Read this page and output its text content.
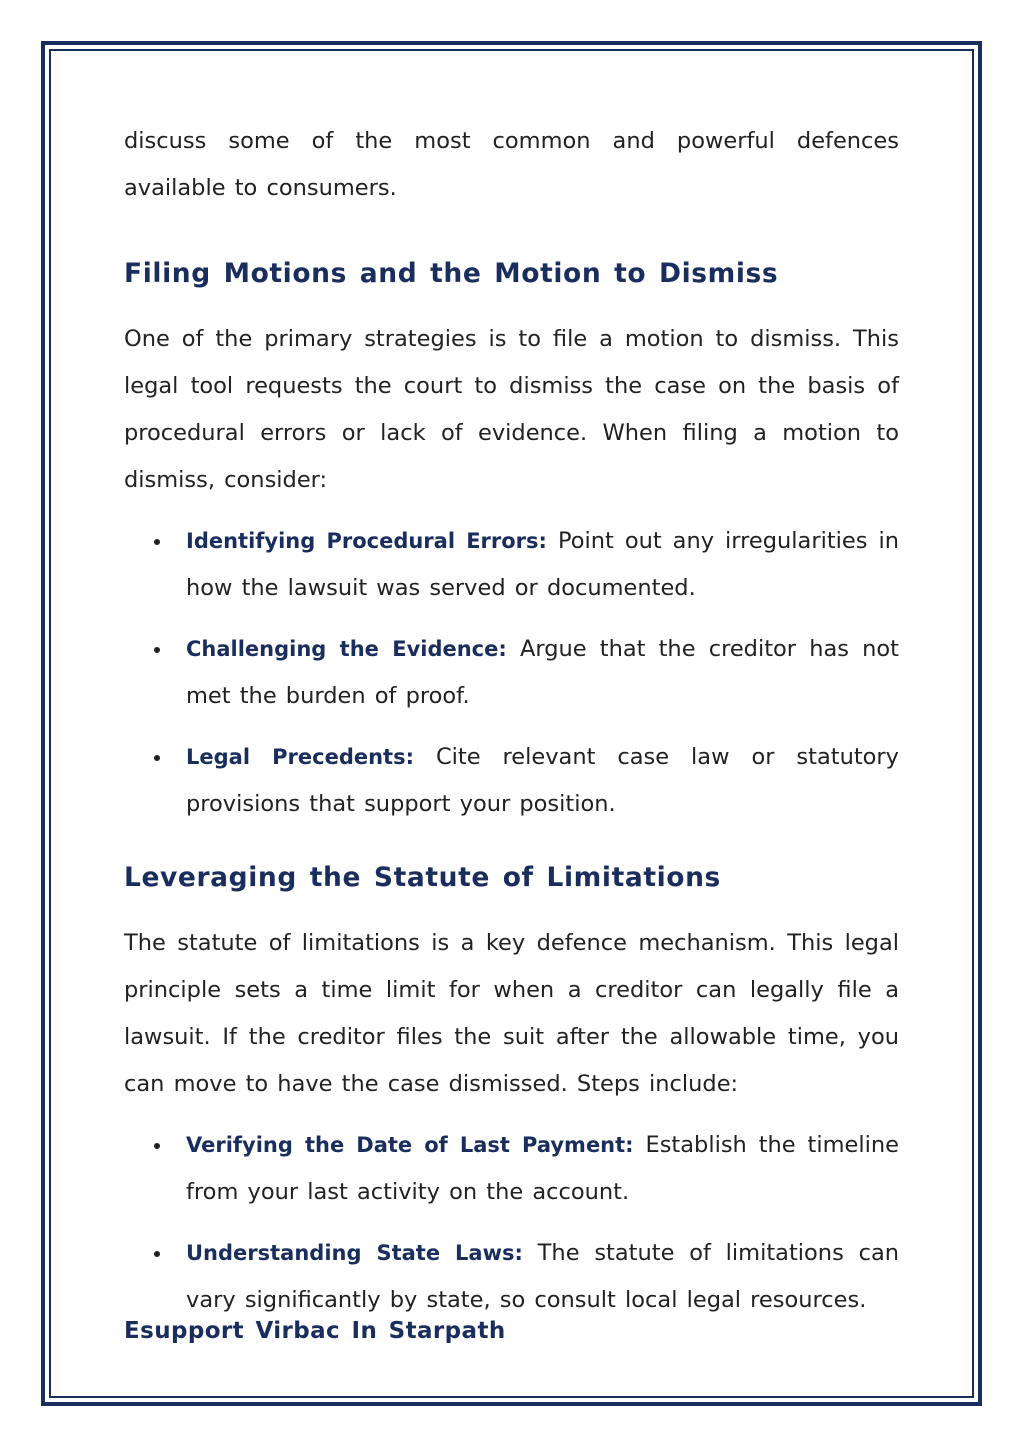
discuss some of the most common and powerful defences available to consumers.

Filing Motions and the Motion to Dismiss

One of the primary strategies is to file a motion to dismiss. This legal tool requests the court to dismiss the case on the basis of procedural errors or lack of evidence. When filing a motion to dismiss, consider:

Identifying Procedural Errors: Point out any irregularities in how the lawsuit was served or documented.
Challenging the Evidence: Argue that the creditor has not met the burden of proof.
Legal Precedents: Cite relevant case law or statutory provisions that support your position.
Leveraging the Statute of Limitations

The statute of limitations is a key defence mechanism. This legal principle sets a time limit for when a creditor can legally file a lawsuit. If the creditor files the suit after the allowable time, you can move to have the case dismissed. Steps include:

Verifying the Date of Last Payment: Establish the timeline from your last activity on the account.
Understanding State Laws: The statute of limitations can vary significantly by state, so consult local legal resources.
Esupport Virbac In Starpath
